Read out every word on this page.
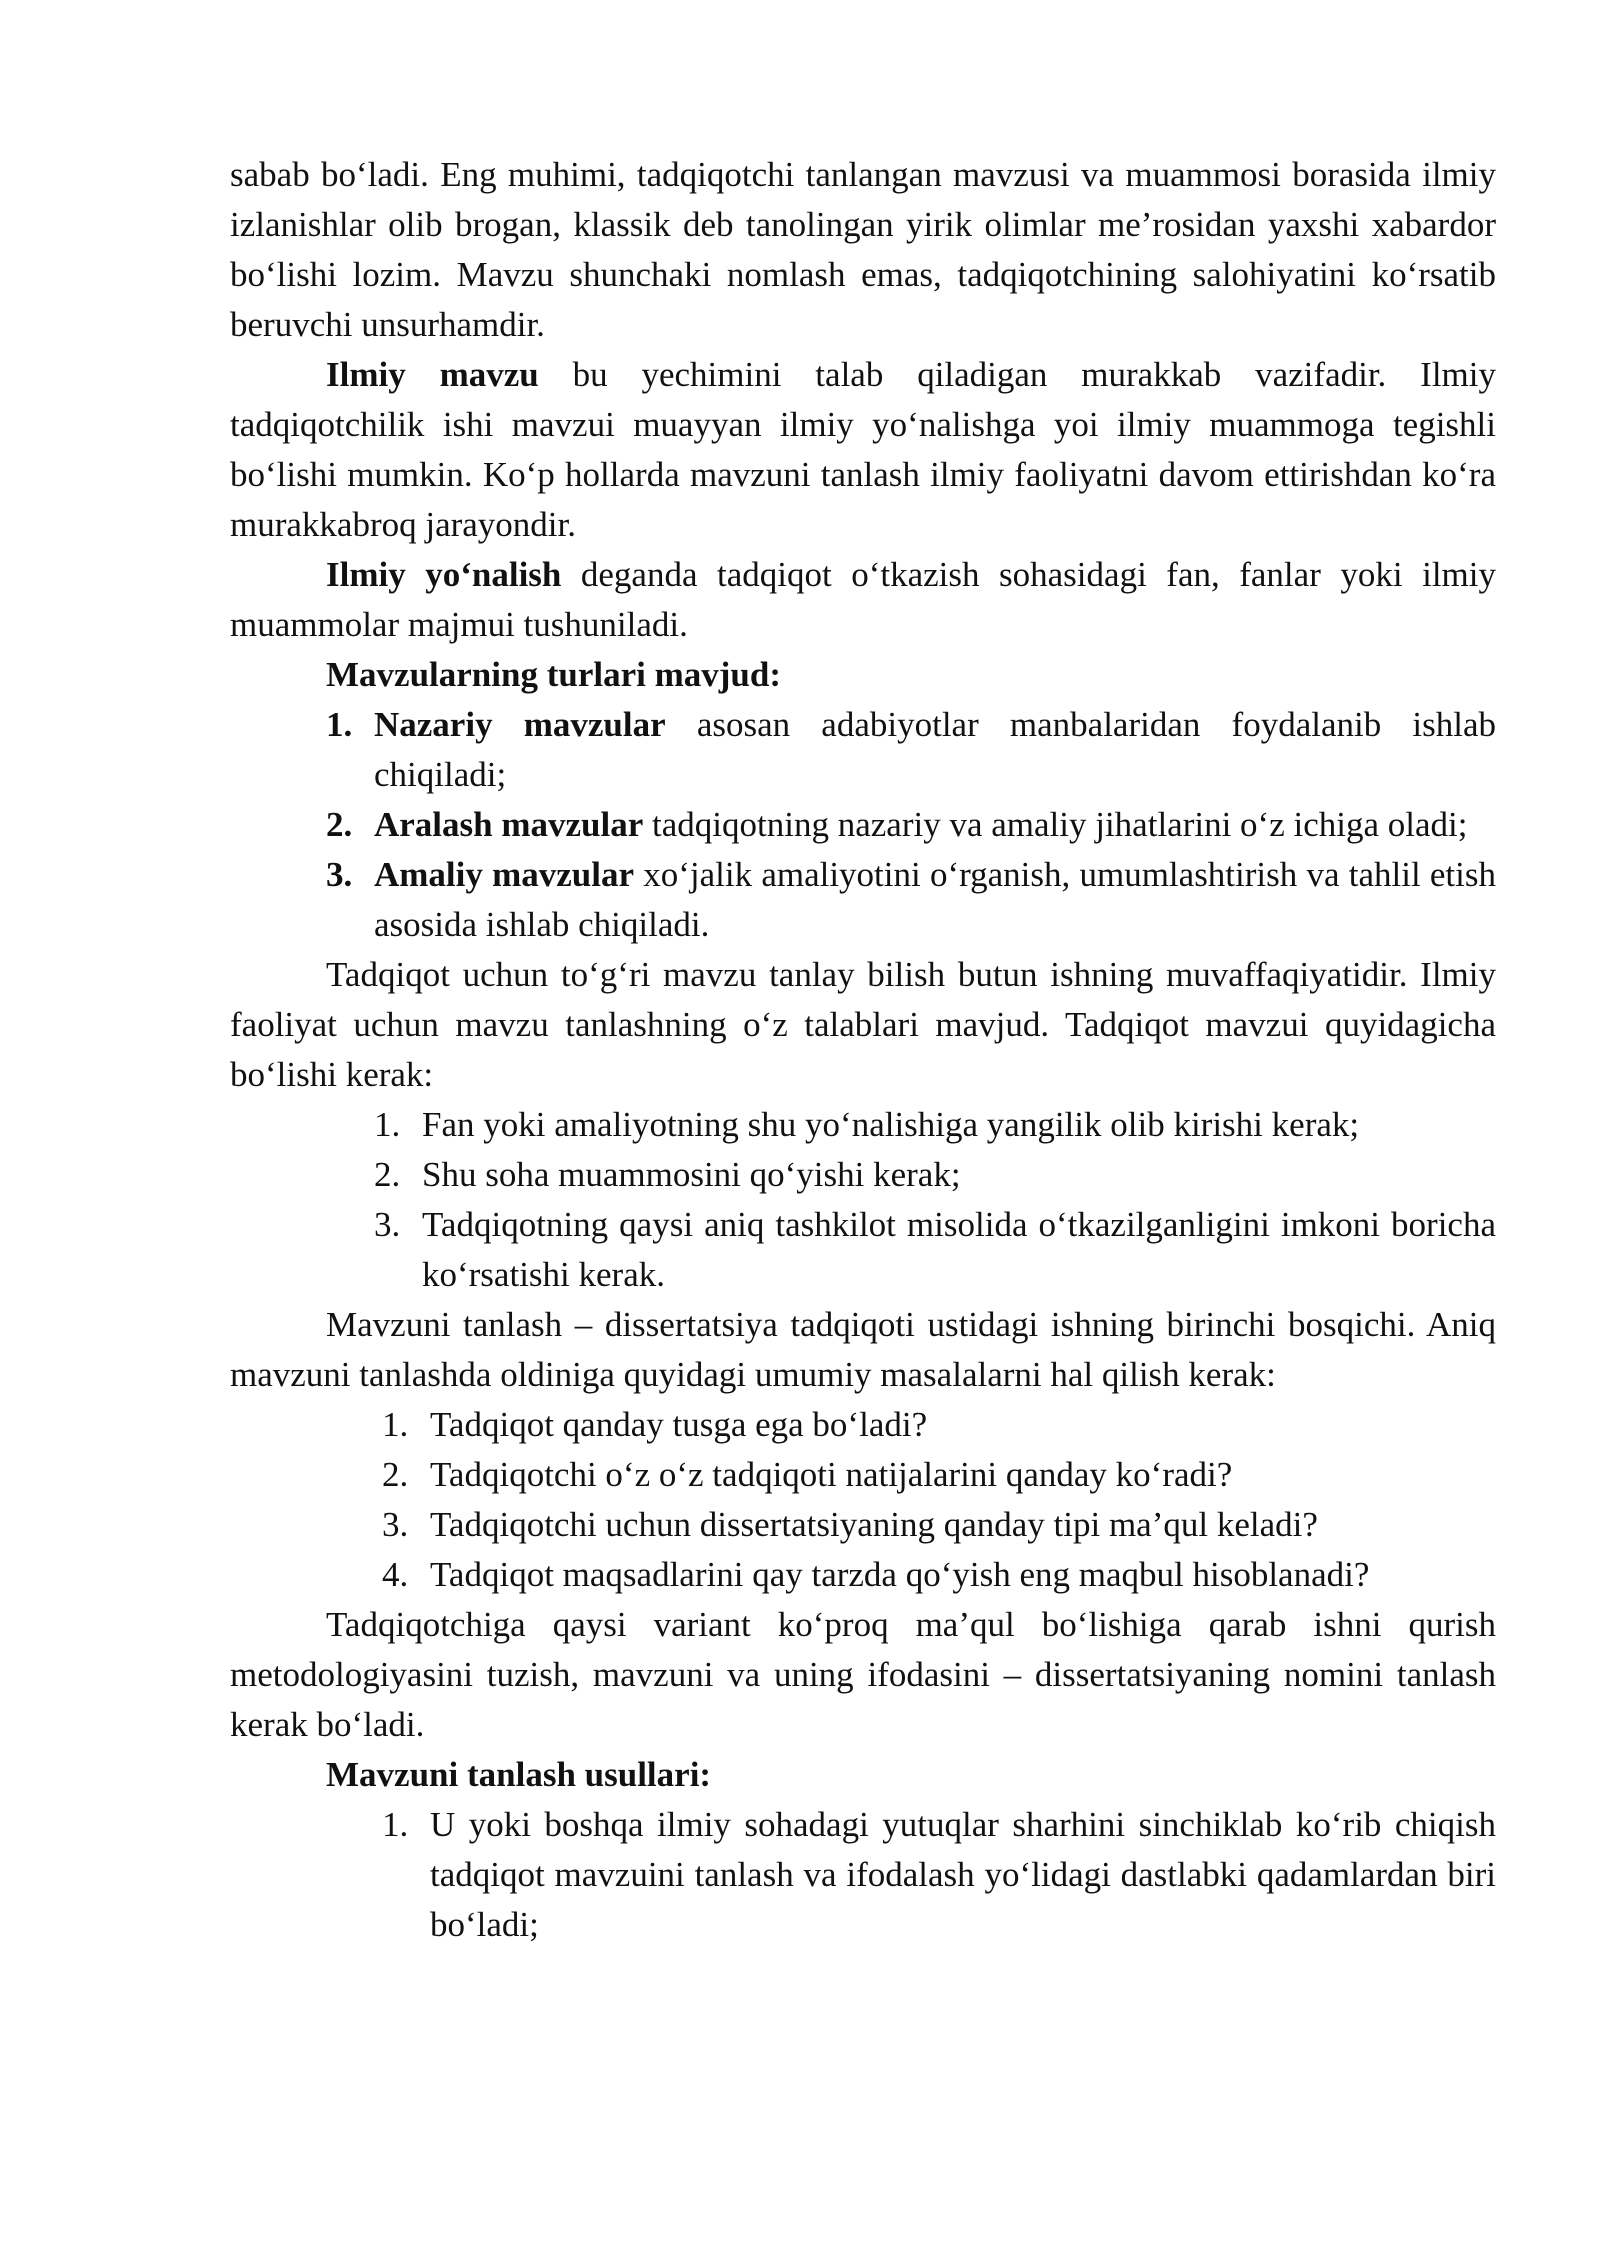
sabab bo‘ladi. Eng muhimi, tadqiqotchi tanlangan mavzusi va muammosi borasida ilmiy izlanishlar olib brogan, klassik deb tanolingan yirik olimlar me’rosidan yaxshi xabardor bo‘lishi lozim. Mavzu shunchaki nomlash emas, tadqiqotchining salohiyatini ko‘rsatib beruvchi unsurhamdir.

Ilmiy mavzu bu yechimini talab qiladigan murakkab vazifadir. Ilmiy tadqiqotchilik ishi mavzui muayyan ilmiy yo‘nalishga yoi ilmiy muammoga tegishli bo‘lishi mumkin. Ko‘p hollarda mavzuni tanlash ilmiy faoliyatni davom ettirishdan ko‘ra murakkabroq jarayondir.

Ilmiy yo‘nalish deganda tadqiqot o‘tkazish sohasidagi fan, fanlar yoki ilmiy muammolar majmui tushuniladi.

Mavzularning turlari mavjud:

1. Nazariy mavzular asosan adabiyotlar manbalaridan foydalanib ishlab chiqiladi;
2. Aralash mavzular tadqiqotning nazariy va amaliy jihatlarini o‘z ichiga oladi;
3. Amaliy mavzular xo‘jalik amaliyotini o‘rganish, umumlashtirish va tahlil etish asosida ishlab chiqiladi.

Tadqiqot uchun to‘g‘ri mavzu tanlay bilish butun ishning muvaffaqiyatidir. Ilmiy faoliyat uchun mavzu tanlashning o‘z talablari mavjud. Tadqiqot mavzui quyidagicha bo‘lishi kerak:

1. Fan yoki amaliyotning shu yo‘nalishiga yangilik olib kirishi kerak;
2. Shu soha muammosini qo‘yishi kerak;
3. Tadqiqotning qaysi aniq tashkilot misolida o‘tkazilganligini imkoni boricha ko‘rsatishi kerak.

Mavzuni tanlash – dissertatsiya tadqiqoti ustidagi ishning birinchi bosqichi. Aniq mavzuni tanlashda oldiniga quyidagi umumiy masalalarni hal qilish kerak:

1. Tadqiqot qanday tusga ega bo‘ladi?
2. Tadqiqotchi o‘z o‘z tadqiqoti natijalarini qanday ko‘radi?
3. Tadqiqotchi uchun dissertatsiyaning qanday tipi ma’qul keladi?
4. Tadqiqot maqsadlarini qay tarzda qo‘yish eng maqbul hisoblanadi?

Tadqiqotchiga qaysi variant ko‘proq ma’qul bo‘lishiga qarab ishni qurish metodologiyasini tuzish, mavzuni va uning ifodasini – dissertatsiyaning nomini tanlash kerak bo‘ladi.

Mavzuni tanlash usullari:

1. U yoki boshqa ilmiy sohadagi yutuqlar sharhini sinchiklab ko‘rib chiqish tadqiqot mavzuini tanlash va ifodalash yo‘lidagi dastlabki qadamlardan biri bo‘ladi;
